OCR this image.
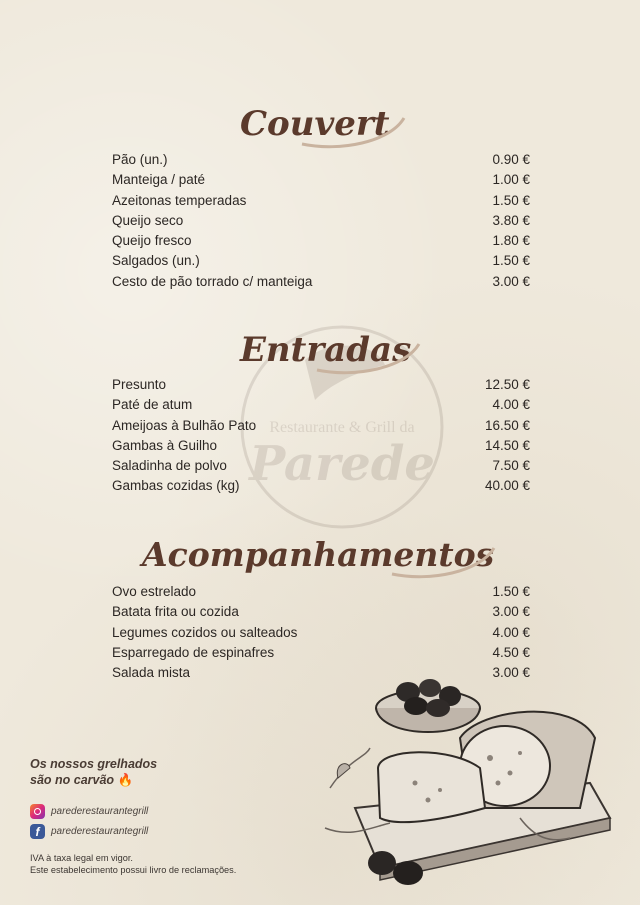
Restaurante & Grill da
Parede
Couvert
Pão (un.)	0.90 €
Manteiga / paté	1.00 €
Azeitonas temperadas	1.50 €
Queijo seco	3.80 €
Queijo fresco	1.80 €
Salgados (un.)	1.50 €
Cesto de pão torrado c/ manteiga	3.00 €
Entradas
Presunto	12.50 €
Paté de atum	4.00 €
Ameijoas à Bulhão Pato	16.50 €
Gambas à Guilho	14.50 €
Saladinha de polvo	7.50 €
Gambas cozidas (kg)	40.00 €
Acompanhamentos
Ovo estrelado	1.50 €
Batata frita ou cozida	3.00 €
Legumes cozidos ou salteados	4.00 €
Esparregado de espinafres	4.50 €
Salada mista	3.00 €
Os nossos grelhados
são no carvão 🔥
parederestaurantegrill
f	parederestaurantegrill
IVA à taxa legal em vigor.
Este estabelecimento possui livro de reclamações.
